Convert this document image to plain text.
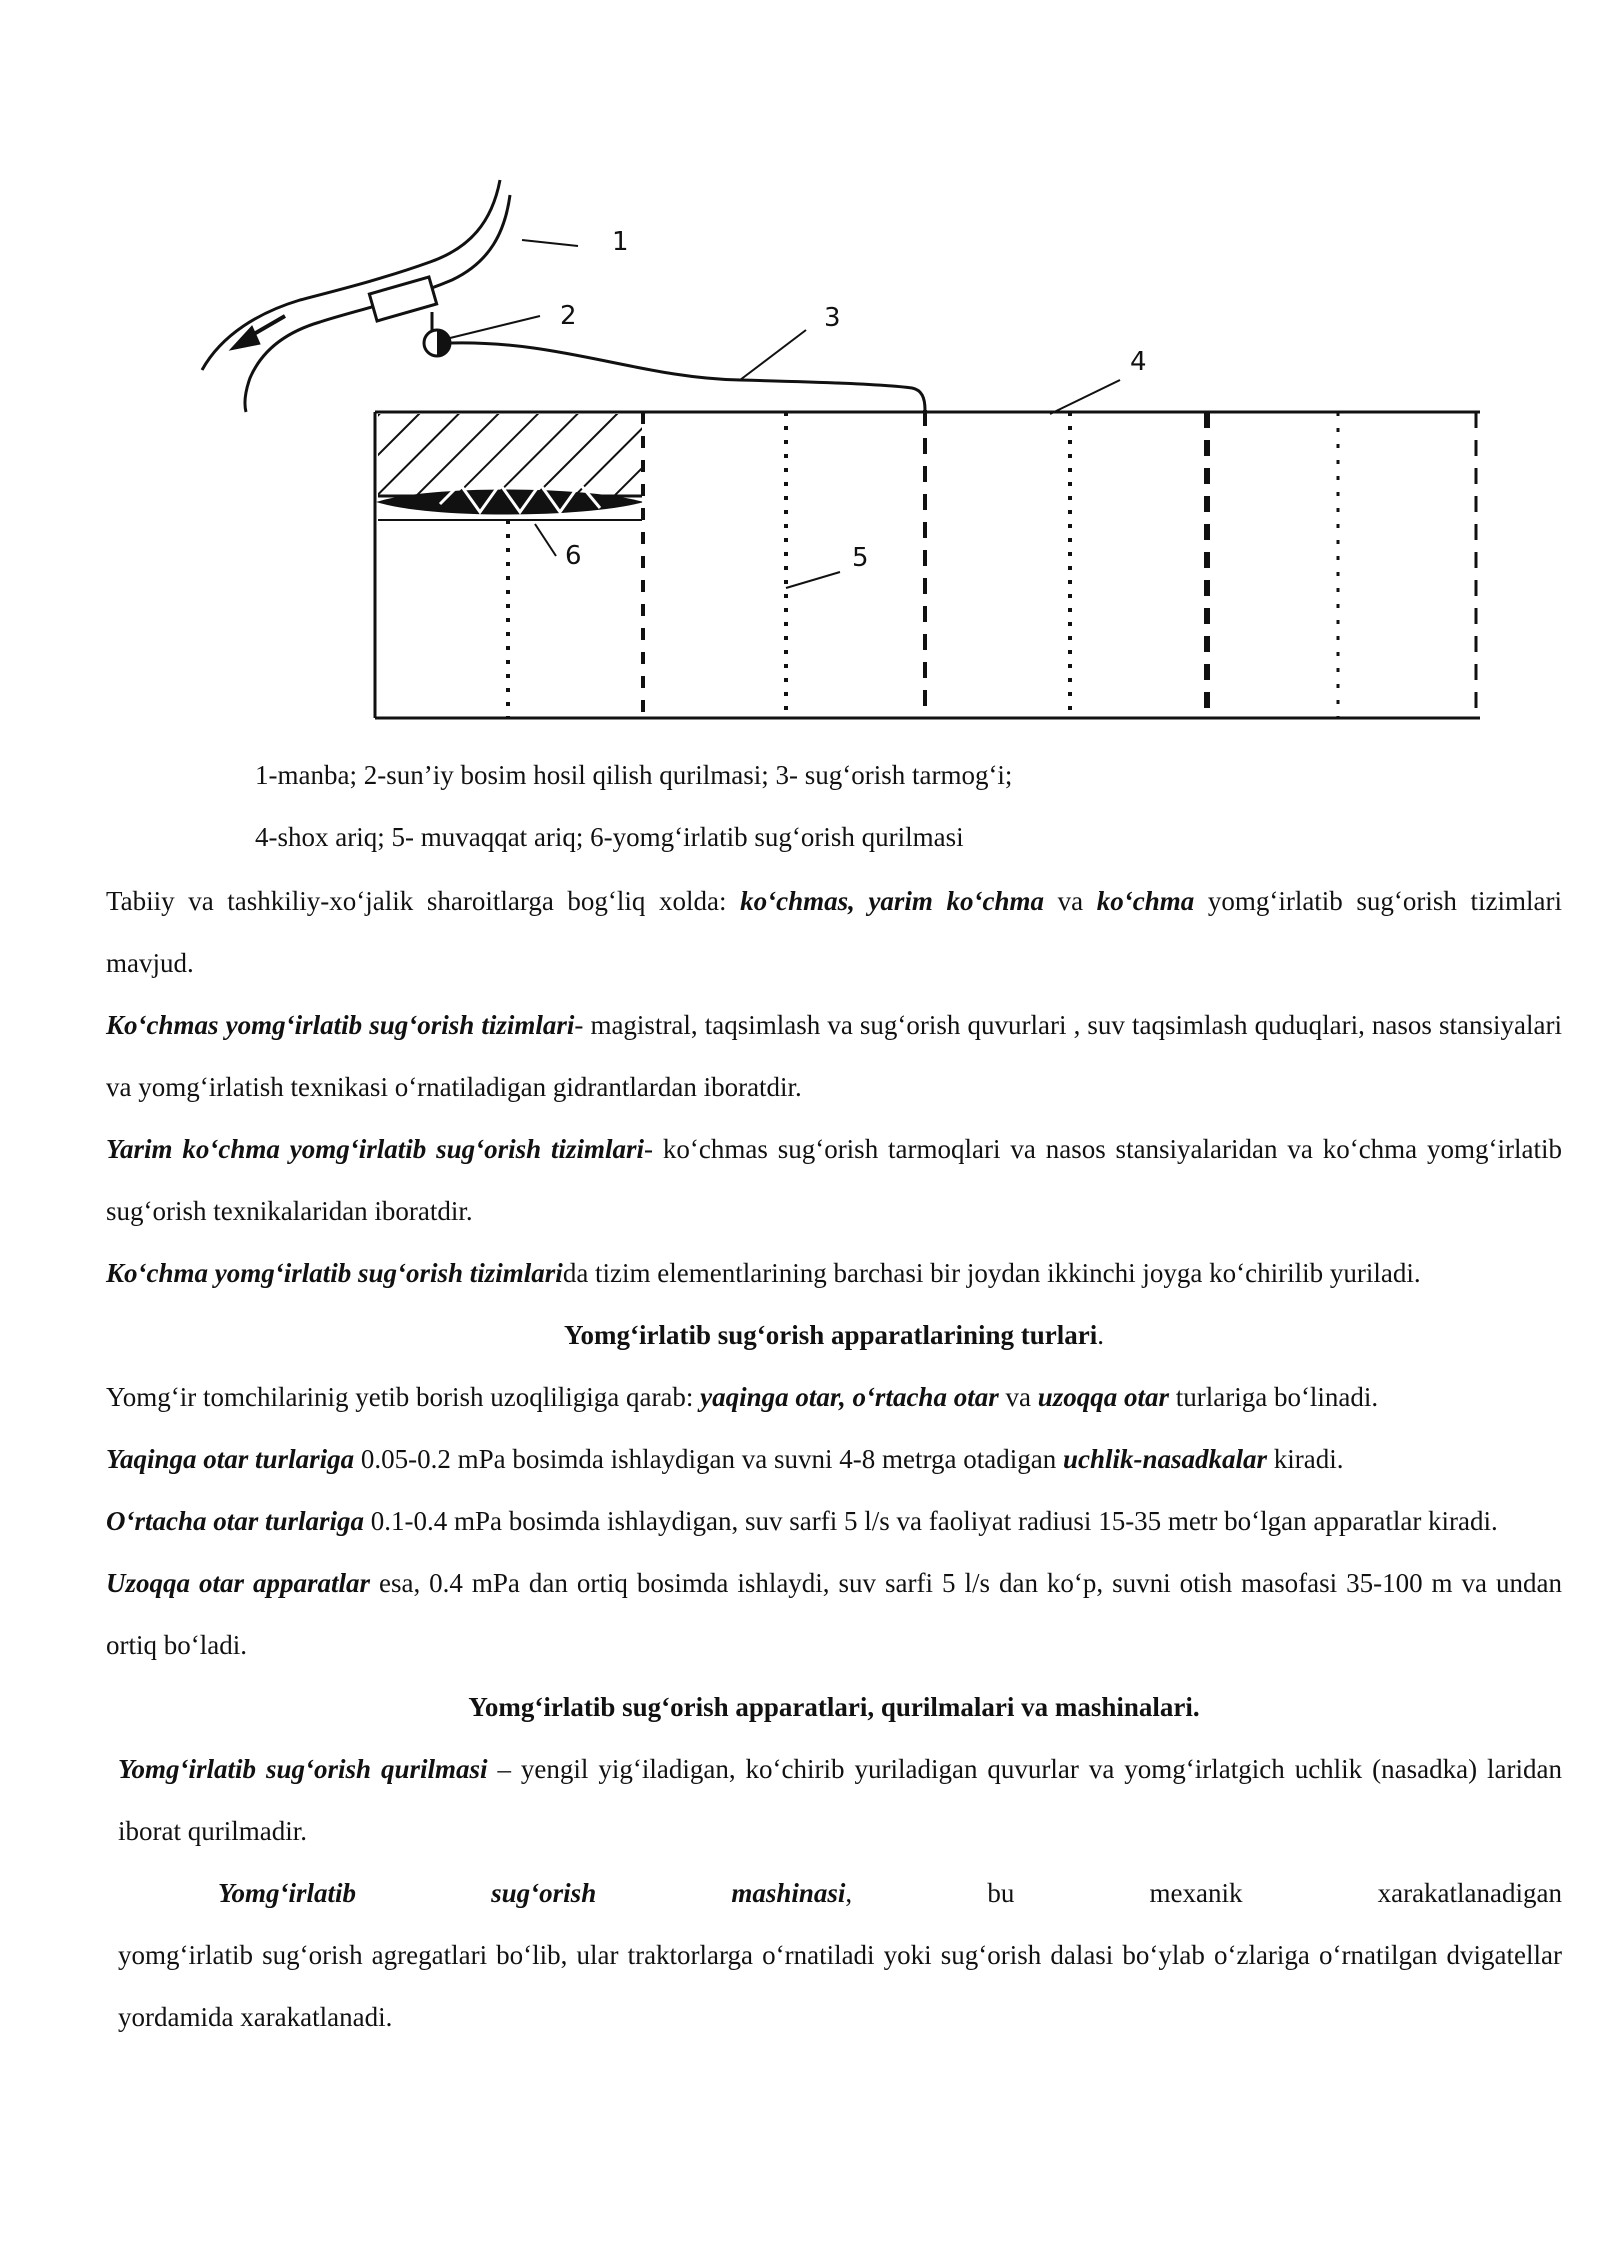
1
2	3
4
6	5
1-manba; 2-sun’iy bosim hosil qilish qurilmasi; 3- sug‘orish tarmog‘i;
4-shox ariq; 5- muvaqqat ariq; 6-yomg‘irlatib sug‘orish qurilmasi

Tabiiy va tashkiliy-xo‘jalik sharoitlarga bog‘liq xolda: ko‘chmas, yarim ko‘chma va ko‘chma yomg‘irlatib sug‘orish tizimlari mavjud.

Ko‘chmas yomg‘irlatib sug‘orish tizimlari- magistral, taqsimlash va sug‘orish quvurlari , suv taqsimlash quduqlari, nasos stansiyalari va yomg‘irlatish texnikasi o‘rnatiladigan gidrantlardan iboratdir.

Yarim ko‘chma yomg‘irlatib sug‘orish tizimlari- ko‘chmas sug‘orish tarmoqlari va nasos stansiyalaridan va ko‘chma yomg‘irlatib sug‘orish texnikalaridan iboratdir.

Ko‘chma yomg‘irlatib sug‘orish tizimlarida tizim elementlarining barchasi bir joydan ikkinchi joyga ko‘chirilib yuriladi.

Yomg‘irlatib sug‘orish apparatlarining turlari.

Yomg‘ir tomchilarinig yetib borish uzoqliligiga qarab: yaqinga otar, o‘rtacha otar va uzoqqa otar turlariga bo‘linadi.

Yaqinga otar turlariga 0.05-0.2 mPa bosimda ishlaydigan va suvni 4-8 metrga otadigan uchlik-nasadkalar kiradi.

O‘rtacha otar turlariga 0.1-0.4 mPa bosimda ishlaydigan, suv sarfi 5 l/s va faoliyat radiusi 15-35 metr bo‘lgan apparatlar kiradi.

Uzoqqa otar apparatlar esa, 0.4 mPa dan ortiq bosimda ishlaydi, suv sarfi 5 l/s dan ko‘p, suvni otish masofasi 35-100 m va undan ortiq bo‘ladi.

Yomg‘irlatib sug‘orish apparatlari, qurilmalari va mashinalari.

Yomg‘irlatib sug‘orish qurilmasi – yengil yig‘iladigan, ko‘chirib yuriladigan quvurlar va yomg‘irlatgich uchlik (nasadka) laridan iborat qurilmadir.

Yomg‘irlatib sug‘orish mashinasi, bu mexanik xarakatlanadigan

yomg‘irlatib sug‘orish agregatlari bo‘lib, ular traktorlarga o‘rnatiladi yoki sug‘orish dalasi bo‘ylab o‘zlariga o‘rnatilgan dvigatellar yordamida xarakatlanadi.
